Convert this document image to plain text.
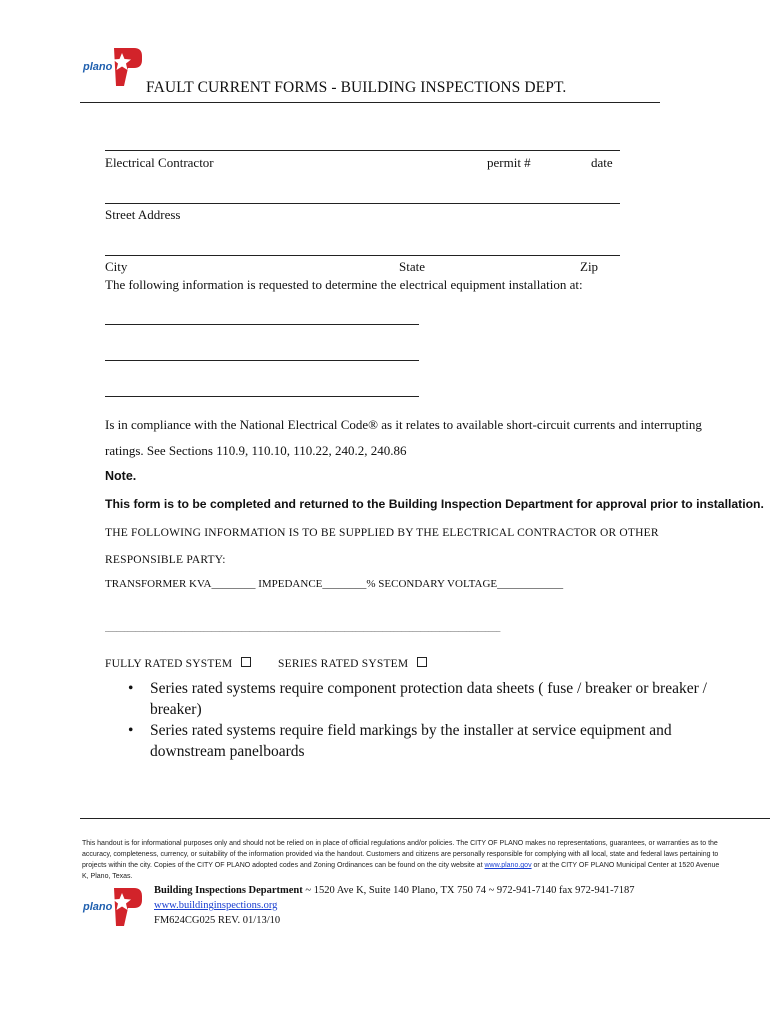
plano
FAULT CURRENT FORMS - BUILDING INSPECTIONS DEPT.
Electrical Contractor	permit #	date
Street Address
City	State	Zip
The following information is requested to determine the electrical equipment installation at:
Is in compliance with the National Electrical Code® as it relates to available short-circuit currents and interrupting
ratings. See Sections 110.9, 110.10, 110.22, 240.2, 240.86
Note.
This form is to be completed and returned to the Building Inspection Department for approval prior to installation.
THE FOLLOWING INFORMATION IS TO BE SUPPLIED BY THE ELECTRICAL CONTRACTOR OR OTHER
RESPONSIBLE PARTY:
TRANSFORMER KVA________ IMPEDANCE________% SECONDARY VOLTAGE____________
________________________________________________________________________________________________________
FULLY RATED SYSTEM	SERIES RATED SYSTEM
• Series rated systems require component protection data sheets ( fuse / breaker or breaker / breaker)
• Series rated systems require field markings by the installer at service equipment and downstream panelboards
This handout is for informational purposes only and should not be relied on in place of official regulations and/or policies. The CITY OF PLANO makes no representations, guarantees, or warranties as to the accuracy, completeness, currency, or suitability of the information provided via the handout. Customers and citizens are personally responsible for complying with all local, state and federal laws pertaining to projects within the city. Copies of the CITY OF PLANO adopted codes and Zoning Ordinances can be found on the city website at www.plano.gov or at the CITY OF PLANO Municipal Center at 1520 Avenue K, Plano, Texas.
plano
Building Inspections Department ~ 1520 Ave K, Suite 140 Plano, TX 750 74 ~ 972-941-7140 fax 972-941-7187
www.buildinginspections.org
FM624CG025 REV. 01/13/10
